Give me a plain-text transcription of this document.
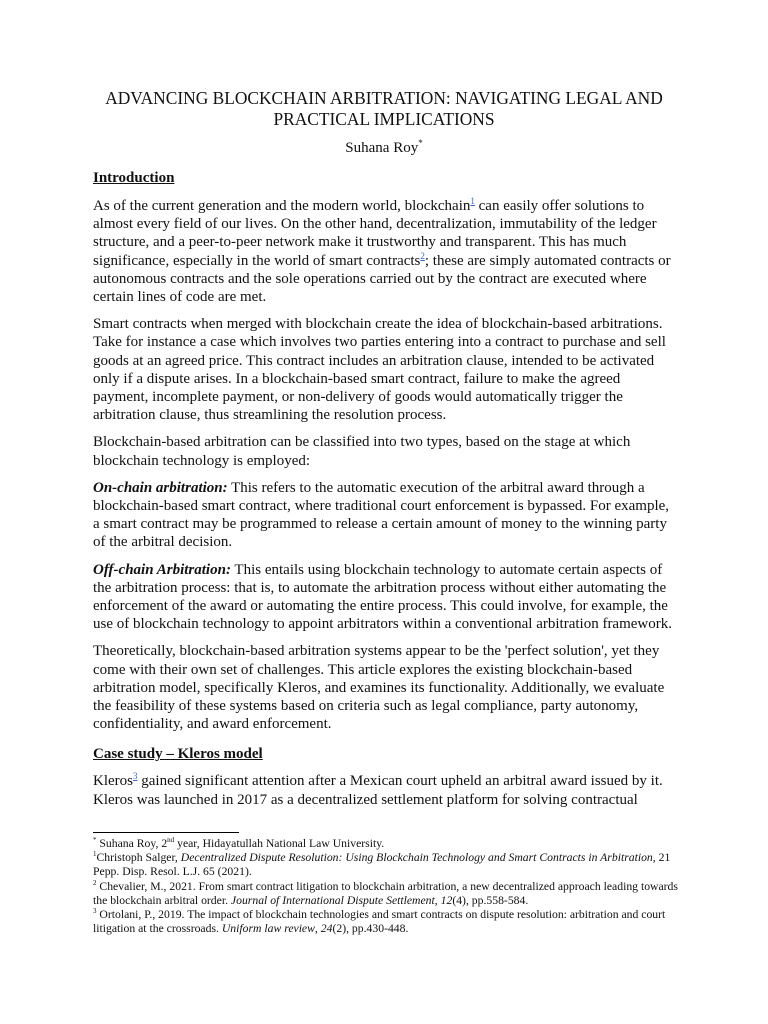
ADVANCING BLOCKCHAIN ARBITRATION: NAVIGATING LEGAL AND PRACTICAL IMPLICATIONS
Suhana Roy*
Introduction

As of the current generation and the modern world, blockchain$^1$ can easily offer solutions to almost every field of our lives. On the other hand, decentralization, immutability of the ledger structure, and a peer-to-peer network make it trustworthy and transparent. This has much significance, especially in the world of smart contracts$^2$; these are simply automated contracts or autonomous contracts and the sole operations carried out by the contract are executed where certain lines of code are met.

Smart contracts when merged with blockchain create the idea of blockchain-based arbitrations. Take for instance a case which involves two parties entering into a contract to purchase and sell goods at an agreed price. This contract includes an arbitration clause, intended to be activated only if a dispute arises. In a blockchain-based smart contract, failure to make the agreed payment, incomplete payment, or non-delivery of goods would automatically trigger the arbitration clause, thus streamlining the resolution process.

Blockchain-based arbitration can be classified into two types, based on the stage at which blockchain technology is employed:

On-chain arbitration: This refers to the automatic execution of the arbitral award through a blockchain-based smart contract, where traditional court enforcement is bypassed. For example, a smart contract may be programmed to release a certain amount of money to the winning party of the arbitral decision.

Off-chain Arbitration: This entails using blockchain technology to automate certain aspects of the arbitration process: that is, to automate the arbitration process without either automating the enforcement of the award or automating the entire process. This could involve, for example, the use of blockchain technology to appoint arbitrators within a conventional arbitration framework.

Theoretically, blockchain-based arbitration systems appear to be the 'perfect solution', yet they come with their own set of challenges. This article explores the existing blockchain-based arbitration model, specifically Kleros, and examines its functionality. Additionally, we evaluate the feasibility of these systems based on criteria such as legal compliance, party autonomy, confidentiality, and award enforcement.

Case study – Kleros model

Kleros$^3$ gained significant attention after a Mexican court upheld an arbitral award issued by it. Kleros was launched in 2017 as a decentralized settlement platform for solving contractual

* Suhana Roy, 2nd year, Hidayatullah National Law University.
$^1$Christoph Salger, Decentralized Dispute Resolution: Using Blockchain Technology and Smart Contracts in Arbitration, 21 Pepp. Disp. Resol. L.J. 65 (2021).
$^2$ Chevalier, M., 2021. From smart contract litigation to blockchain arbitration, a new decentralized approach leading towards the blockchain arbitral order. Journal of International Dispute Settlement, 12(4), pp.558-584.
$^3$ Ortolani, P., 2019. The impact of blockchain technologies and smart contracts on dispute resolution: arbitration and court litigation at the crossroads. Uniform law review, 24(2), pp.430-448.
